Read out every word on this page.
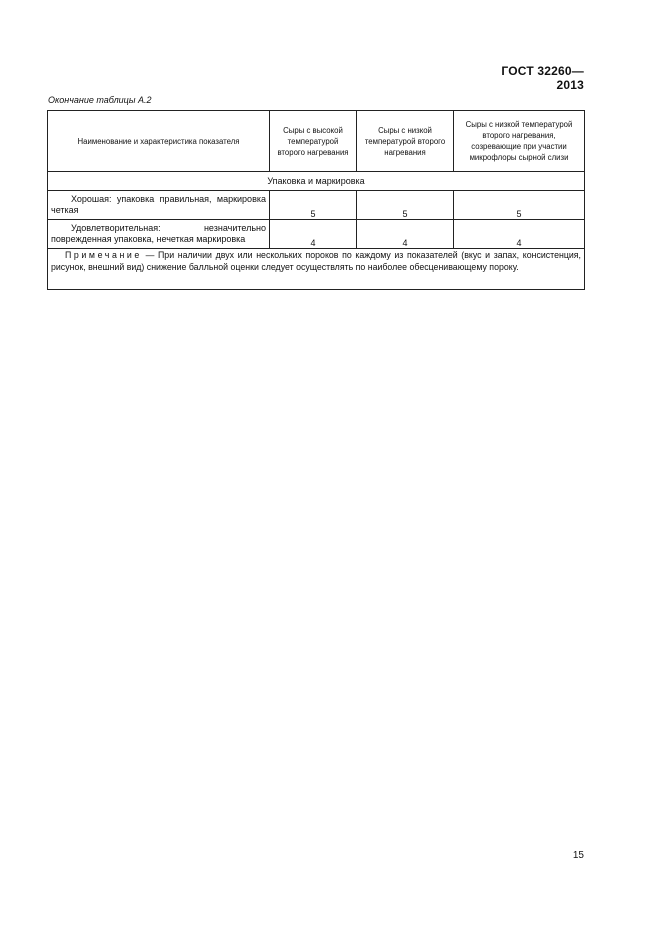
ГОСТ 32260—2013
Окончание таблицы А.2
Наименование и характеристика показателя	Сыры с высокой температурой второго нагревания	Сыры с низкой температурой второго нагревания	Сыры с низкой температурой второго нагревания, созревающие при участии микрофлоры сырной слизи
Упаковка и маркировка			

Хорошая: упаковка правильная, маркировка четкая	5	5	5

Удовлетворительная: незначительно поврежденная упаковка, нечеткая маркировка	4	4	4
Примечание — При наличии двух или нескольких пороков по каждому из показателей (вкус и запах, консистенция, рисунок, внешний вид) снижение балльной оценки следует осуществлять по наиболее обесценивающему пороку.			
15
